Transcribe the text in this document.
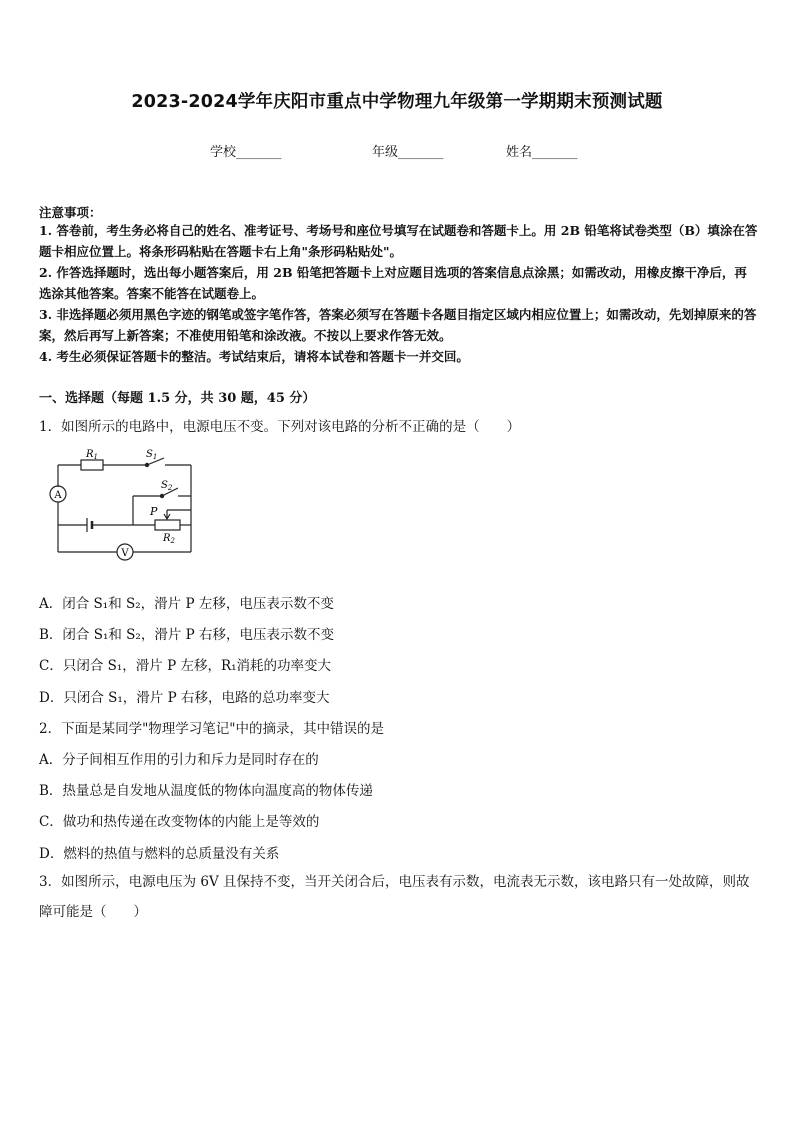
2023-2024学年庆阳市重点中学物理九年级第一学期期末预测试题
学校_______	年级_______	姓名_______
注意事项：
1. 答卷前，考生务必将自己的姓名、准考证号、考场号和座位号填写在试题卷和答题卡上。用 2B 铅笔将试卷类型（B）填涂在答题卡相应位置上。将条形码粘贴在答题卡右上角"条形码粘贴处"。
2. 作答选择题时，选出每小题答案后，用 2B 铅笔把答题卡上对应题目选项的答案信息点涂黑；如需改动，用橡皮擦干净后，再选涂其他答案。答案不能答在试题卷上。
3. 非选择题必须用黑色字迹的钢笔或签字笔作答，答案必须写在答题卡各题目指定区域内相应位置上；如需改动，先划掉原来的答案，然后再写上新答案；不准使用铅笔和涂改液。不按以上要求作答无效。
4. 考生必须保证答题卡的整洁。考试结束后，请将本试卷和答题卡一并交回。
一、选择题（每题 1.5 分，共 30 题，45 分）
1．如图所示的电路中，电源电压不变。下列对该电路的分析不正确的是（　　）
$R_1$	$S_1$
$S_2$
P
$R_2$
A
V
A．闭合 S₁和 S₂，滑片 P 左移，电压表示数不变
B．闭合 S₁和 S₂，滑片 P 右移，电压表示数不变
C．只闭合 S₁，滑片 P 左移，R₁消耗的功率变大
D．只闭合 S₁，滑片 P 右移，电路的总功率变大
2．下面是某同学"物理学习笔记"中的摘录，其中错误的是
A．分子间相互作用的引力和斥力是同时存在的
B．热量总是自发地从温度低的物体向温度高的物体传递
C．做功和热传递在改变物体的内能上是等效的
D．燃料的热值与燃料的总质量没有关系
3．如图所示，电源电压为 6V 且保持不变，当开关闭合后，电压表有示数，电流表无示数，该电路只有一处故障，则故障可能是（　　）
